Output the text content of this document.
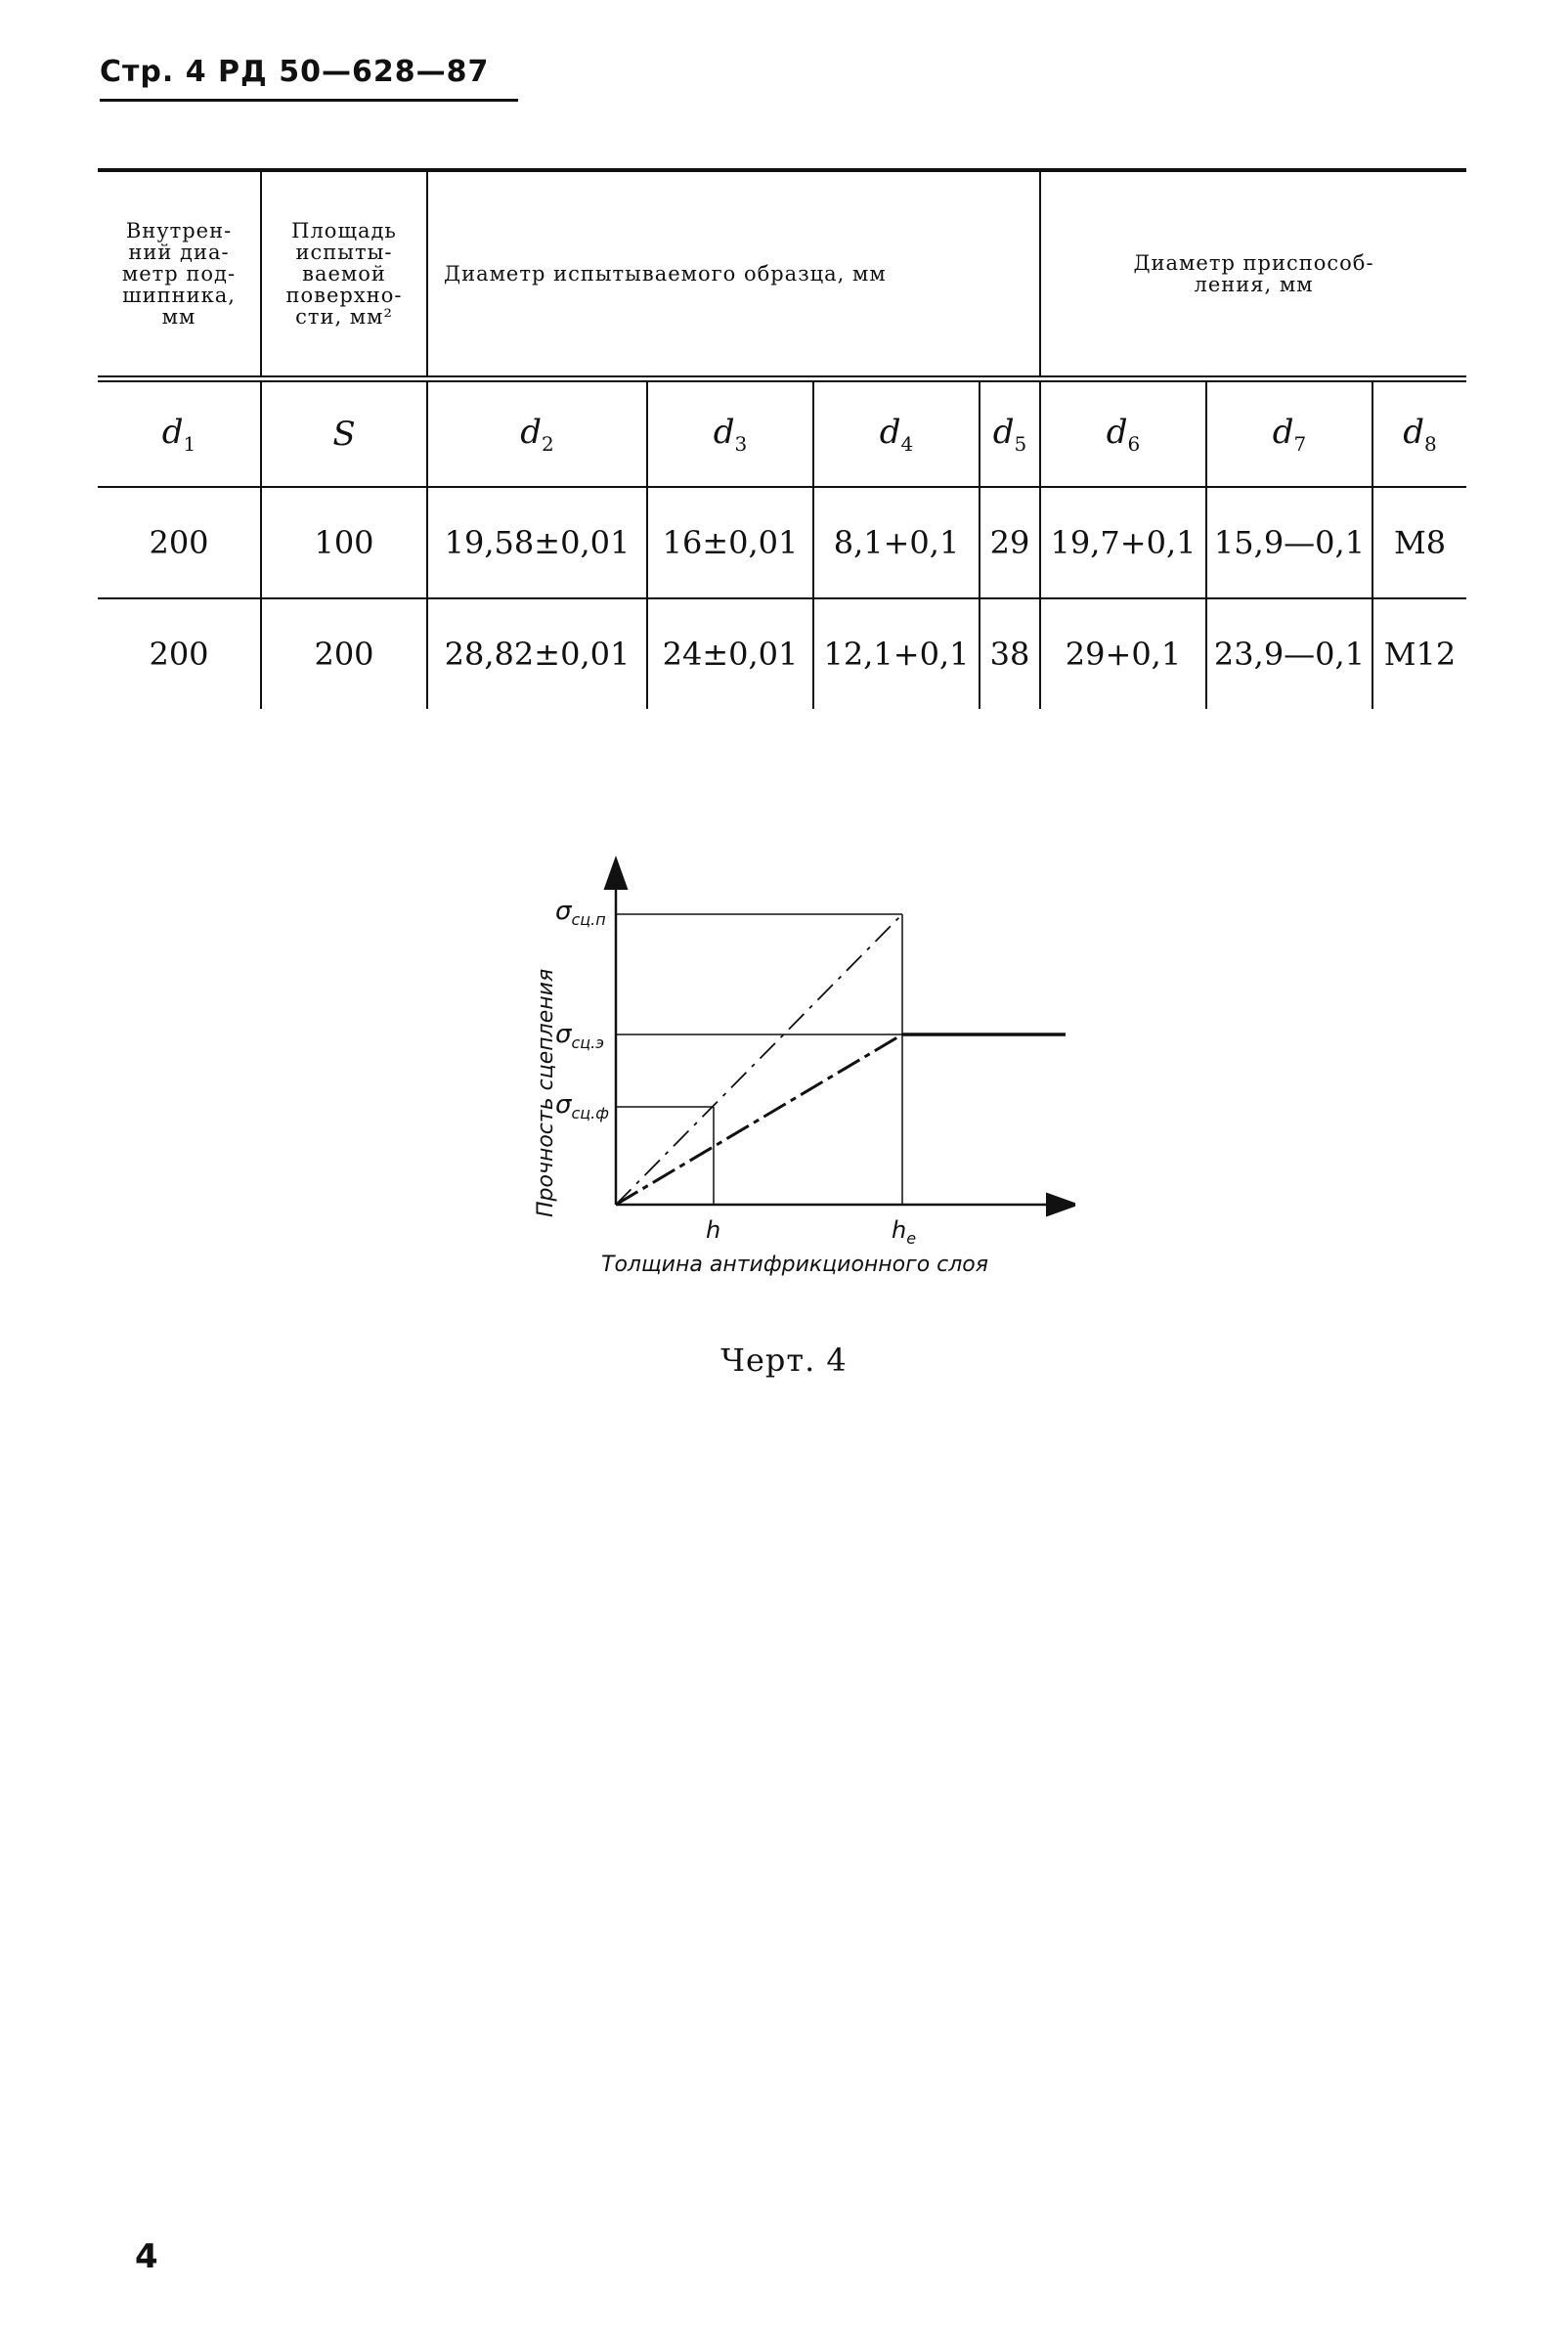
Стр. 4 РД 50—628—87
Внутрен-
ний диа-
метр под-
шипника,
мм	Площадь
испыты-
ваемой
поверхно-
сти, мм²	Диаметр испытываемого образца, мм	Диаметр приспособ-
ления, мм
$d_1$	S	$d_2$	$d_3$	$d_4$	$d_5$	$d_6$	$d_7$	$d_8$
200	100	19,58±0,01	16±0,01	8,1+0,1	29	19,7+0,1	15,9—0,1	M8
200	200	28,82±0,01	24±0,01	12,1+0,1	38	29+0,1	23,9—0,1	M12
Прочность сцепления
$\sigma_{сц.п}$
$\sigma_{сц.э}$
$\sigma_{сц.ф}$
h	$h_e$
Толщина антифрикционного слоя
Черт. 4
4
